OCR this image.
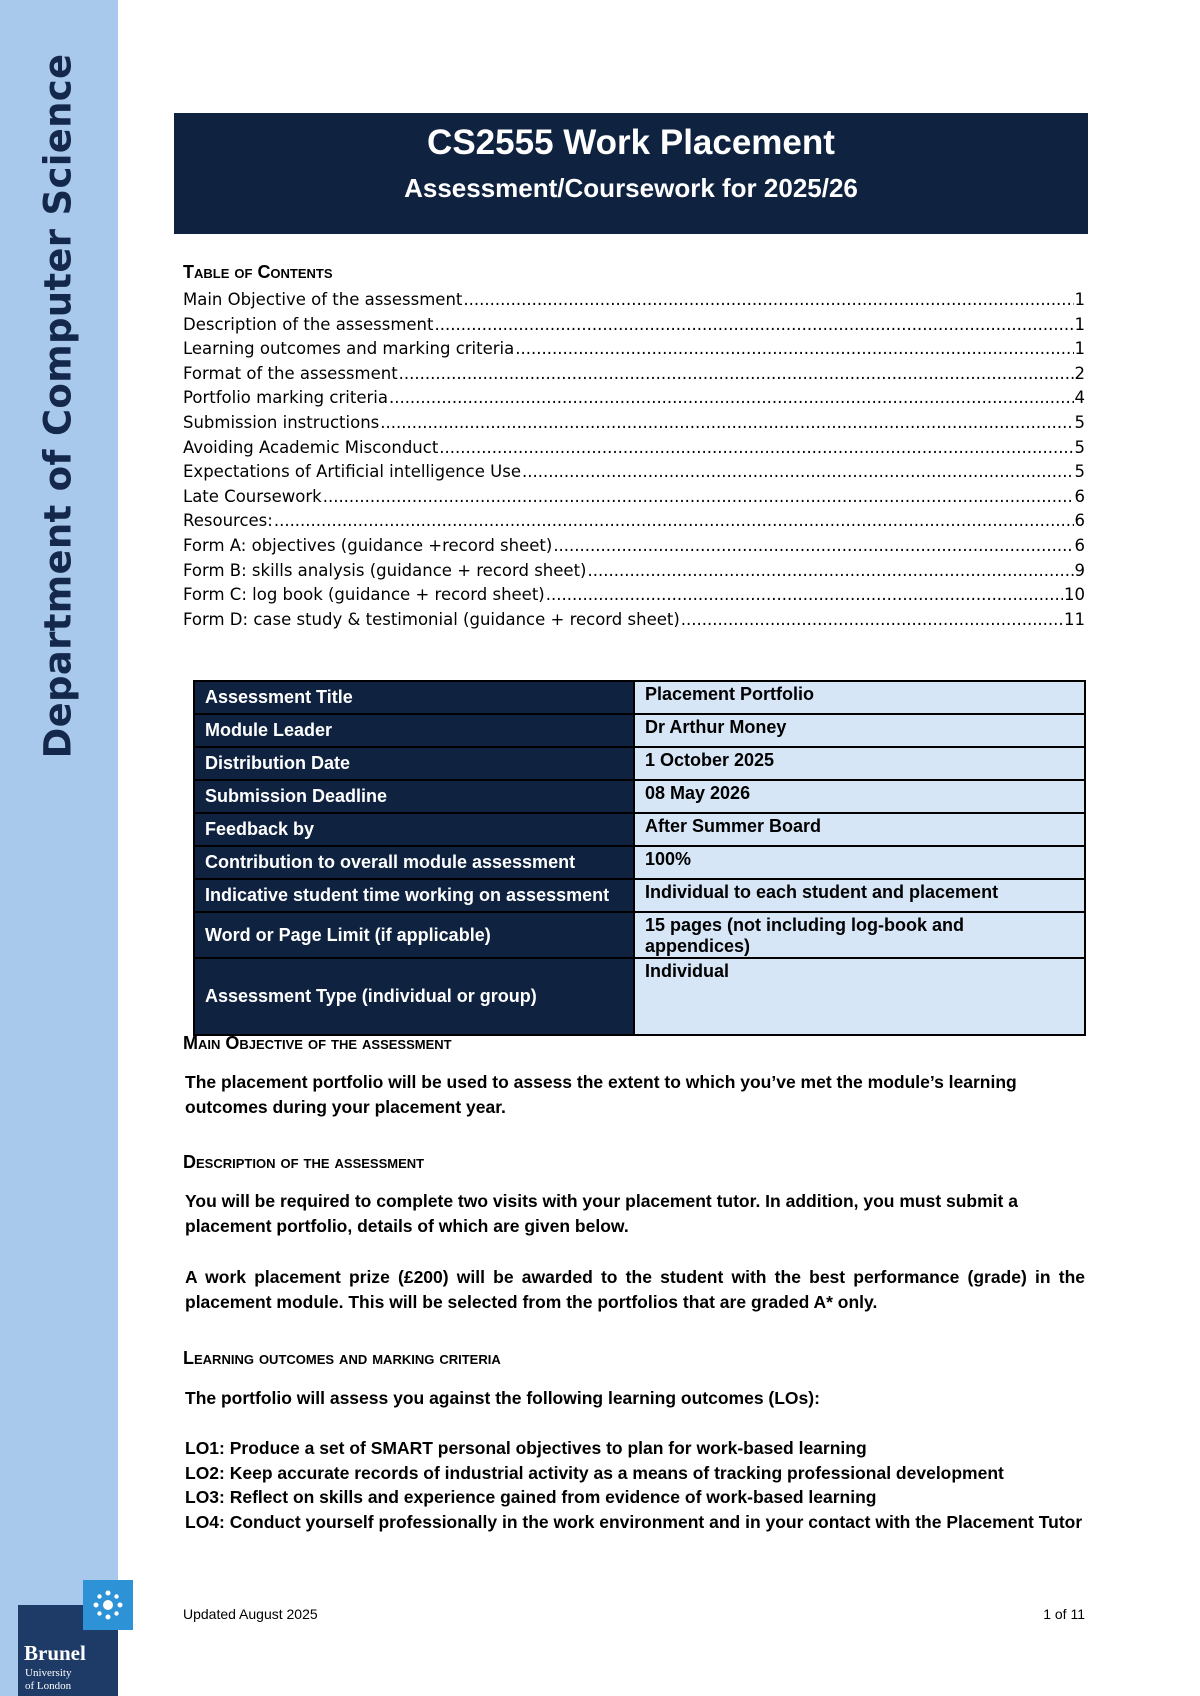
Department of Computer Science
Brunel
University
of London
CS2555 Work Placement
Assessment/Coursework for 2025/26
Table of Contents
Main Objective of the assessment .....	1
Description of the assessment .....	1
Learning outcomes and marking criteria .....	1
Format of the assessment .....	2
Portfolio marking criteria .....	4
Submission instructions .....	5
Avoiding Academic Misconduct .....	5
Expectations of Artificial intelligence Use .....	5
Late Coursework .....	6
Resources: .....	6
Form A: objectives (guidance +record sheet) .....	6
Form B: skills analysis (guidance + record sheet) .....	9
Form C: log book (guidance + record sheet) .....	10
Form D: case study & testimonial (guidance + record sheet) .....	11
Assessment Title	Placement Portfolio
Module Leader	Dr Arthur Money
Distribution Date	1 October 2025
Submission Deadline	08 May 2026
Feedback by	After Summer Board
Contribution to overall module assessment	100%
Indicative student time working on assessment	Individual to each student and placement
Word or Page Limit (if applicable)	15 pages (not including log-book and appendices)
Assessment Type (individual or group)	Individual
Main Objective of the assessment
The placement portfolio will be used to assess the extent to which you’ve met the module’s learning outcomes during your placement year.
Description of the assessment
You will be required to complete two visits with your placement tutor. In addition, you must submit a placement portfolio, details of which are given below.
A work placement prize (£200) will be awarded to the student with the best performance (grade) in the placement module. This will be selected from the portfolios that are graded A* only.
Learning outcomes and marking criteria
The portfolio will assess you against the following learning outcomes (LOs):
LO1: Produce a set of SMART personal objectives to plan for work-based learning
LO2: Keep accurate records of industrial activity as a means of tracking professional development
LO3: Reflect on skills and experience gained from evidence of work-based learning
LO4: Conduct yourself professionally in the work environment and in your contact with the Placement Tutor
Updated August 2025	1 of 11
